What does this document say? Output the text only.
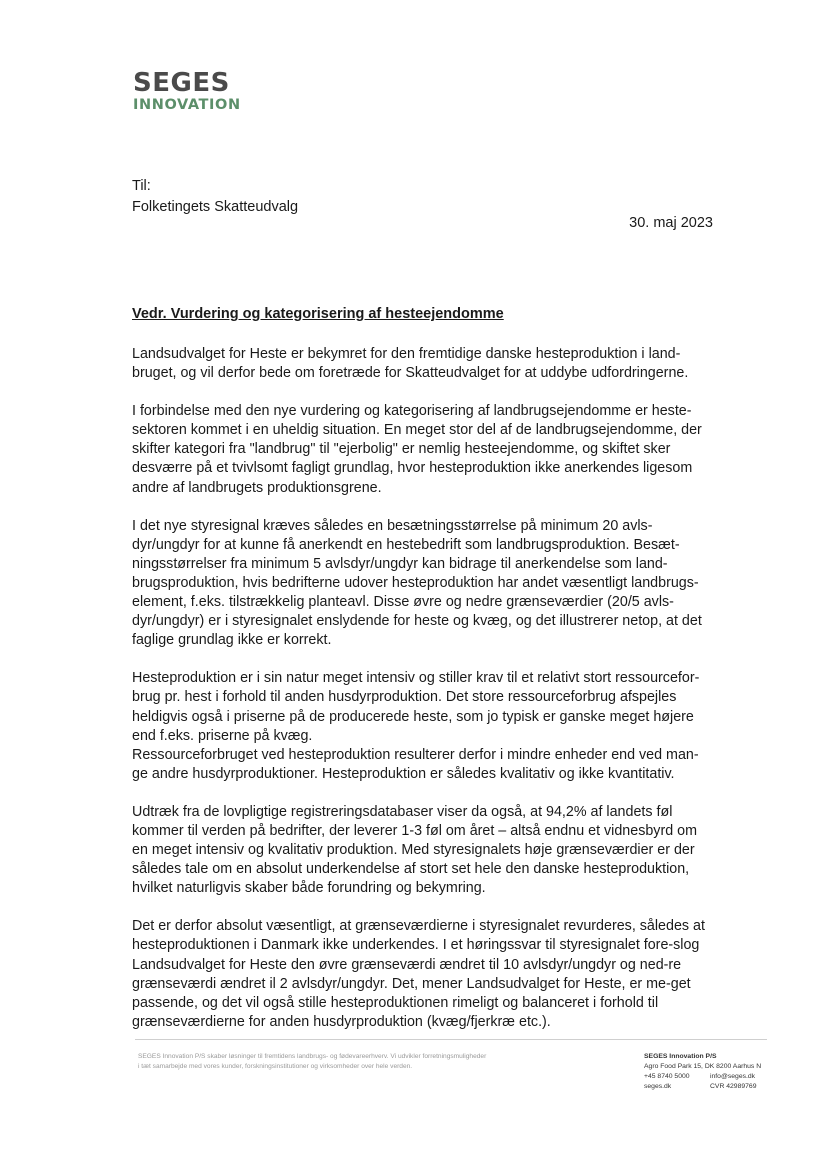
SEGES
INNOVATION
Til:
Folketingets Skatteudvalg
30. maj 2023
Vedr. Vurdering og kategorisering af hesteejendomme

Landsudvalget for Heste er bekymret for den fremtidige danske hesteproduktion i land-bruget, og vil derfor bede om foretræde for Skatteudvalget for at uddybe udfordringerne.

I forbindelse med den nye vurdering og kategorisering af landbrugsejendomme er heste-sektoren kommet i en uheldig situation. En meget stor del af de landbrugsejendomme, der skifter kategori fra "landbrug" til "ejerbolig" er nemlig hesteejendomme, og skiftet sker desværre på et tvivlsomt fagligt grundlag, hvor hesteproduktion ikke anerkendes ligesom andre af landbrugets produktionsgrene.

I det nye styresignal kræves således en besætningsstørrelse på minimum 20 avls-dyr/ungdyr for at kunne få anerkendt en hestebedrift som landbrugsproduktion. Besæt-ningsstørrelser fra minimum 5 avlsdyr/ungdyr kan bidrage til anerkendelse som land-brugsproduktion, hvis bedrifterne udover hesteproduktion har andet væsentligt landbrugs-element, f.eks. tilstrækkelig planteavl. Disse øvre og nedre grænseværdier (20/5 avls-dyr/ungdyr) er i styresignalet enslydende for heste og kvæg, og det illustrerer netop, at det faglige grundlag ikke er korrekt.

Hesteproduktion er i sin natur meget intensiv og stiller krav til et relativt stort ressourcefor-brug pr. hest i forhold til anden husdyrproduktion. Det store ressourceforbrug afspejles heldigvis også i priserne på de producerede heste, som jo typisk er ganske meget højere end f.eks. priserne på kvæg.
Ressourceforbruget ved hesteproduktion resulterer derfor i mindre enheder end ved man-ge andre husdyrproduktioner. Hesteproduktion er således kvalitativ og ikke kvantitativ.

Udtræk fra de lovpligtige registreringsdatabaser viser da også, at 94,2% af landets føl kommer til verden på bedrifter, der leverer 1-3 føl om året – altså endnu et vidnesbyrd om en meget intensiv og kvalitativ produktion. Med styresignalets høje grænseværdier er der således tale om en absolut underkendelse af stort set hele den danske hesteproduktion, hvilket naturligvis skaber både forundring og bekymring.

Det er derfor absolut væsentligt, at grænseværdierne i styresignalet revurderes, således at hesteproduktionen i Danmark ikke underkendes. I et høringssvar til styresignalet fore-slog Landsudvalget for Heste den øvre grænseværdi ændret til 10 avlsdyr/ungdyr og ned-re grænseværdi ændret il 2 avlsdyr/ungdyr. Det, mener Landsudvalget for Heste, er me-get passende, og det vil også stille hesteproduktionen rimeligt og balanceret i forhold til grænseværdierne for anden husdyrproduktion (kvæg/fjerkræ etc.).

SEGES Innovation P/S skaber løsninger til fremtidens landbrugs- og fødevareerhverv. Vi udvikler forretningsmuligheder
i tæt samarbejde med vores kunder, forskningsinstitutioner og virksomheder over hele verden.
SEGES Innovation P/S
Agro Food Park 15, DK 8200 Aarhus N
+45 8740 5000	info@seges.dk
seges.dk	CVR 42989769
